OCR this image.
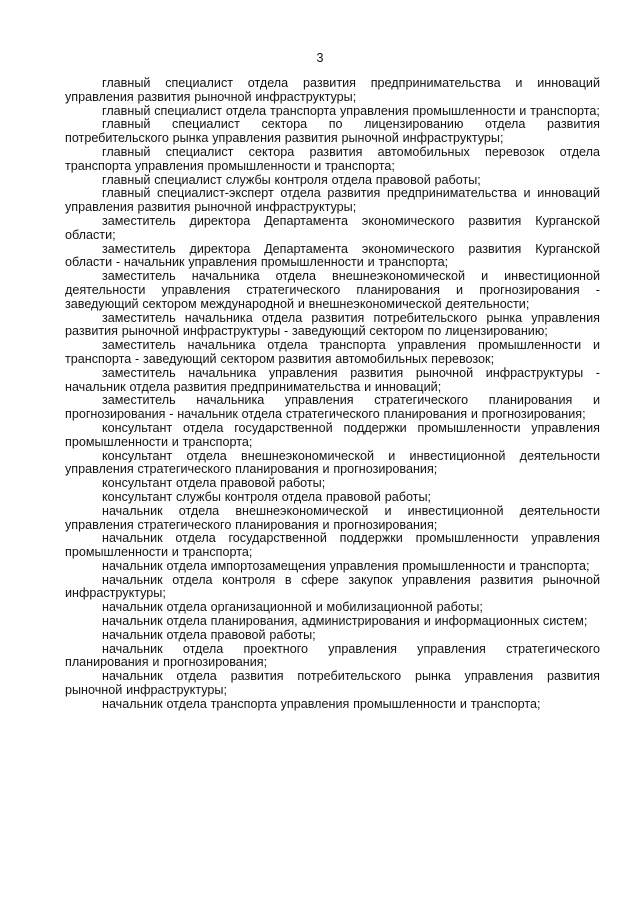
3

главный специалист отдела развития предпринимательства и инноваций управления развития рыночной инфраструктуры;

главный специалист отдела транспорта управления промышленности и транспорта;

главный специалист сектора по лицензированию отдела развития потребительского рынка управления развития рыночной инфраструктуры;

главный специалист сектора развития автомобильных перевозок отдела транспорта управления промышленности и транспорта;

главный специалист службы контроля отдела правовой работы;

главный специалист-эксперт отдела развития предпринимательства и инноваций управления развития рыночной инфраструктуры;

заместитель директора Департамента экономического развития Курганской области;

заместитель директора Департамента экономического развития Курганской области - начальник управления промышленности и транспорта;

заместитель начальника отдела внешнеэкономической и инвестиционной деятельности управления стратегического планирования и прогнозирования - заведующий сектором международной и внешнеэкономической деятельности;

заместитель начальника отдела развития потребительского рынка управления развития рыночной инфраструктуры - заведующий сектором по лицензированию;

заместитель начальника отдела транспорта управления промышленности и транспорта - заведующий сектором развития автомобильных перевозок;

заместитель начальника управления развития рыночной инфраструктуры - начальник отдела развития предпринимательства и инноваций;

заместитель начальника управления стратегического планирования и прогнозирования - начальник отдела стратегического планирования и прогнозирования;

консультант отдела государственной поддержки промышленности управления промышленности и транспорта;

консультант отдела внешнеэкономической и инвестиционной деятельности управления стратегического планирования и прогнозирования;

консультант отдела правовой работы;

консультант службы контроля отдела правовой работы;

начальник отдела внешнеэкономической и инвестиционной деятельности управления стратегического планирования и прогнозирования;

начальник отдела государственной поддержки промышленности управления промышленности и транспорта;

начальник отдела импортозамещения управления промышленности и транспорта;

начальник отдела контроля в сфере закупок управления развития рыночной инфраструктуры;

начальник отдела организационной и мобилизационной работы;

начальник отдела планирования, администрирования и информационных систем;

начальник отдела правовой работы;

начальник отдела проектного управления управления стратегического планирования и прогнозирования;

начальник отдела развития потребительского рынка управления развития рыночной инфраструктуры;

начальник отдела транспорта управления промышленности и транспорта;
